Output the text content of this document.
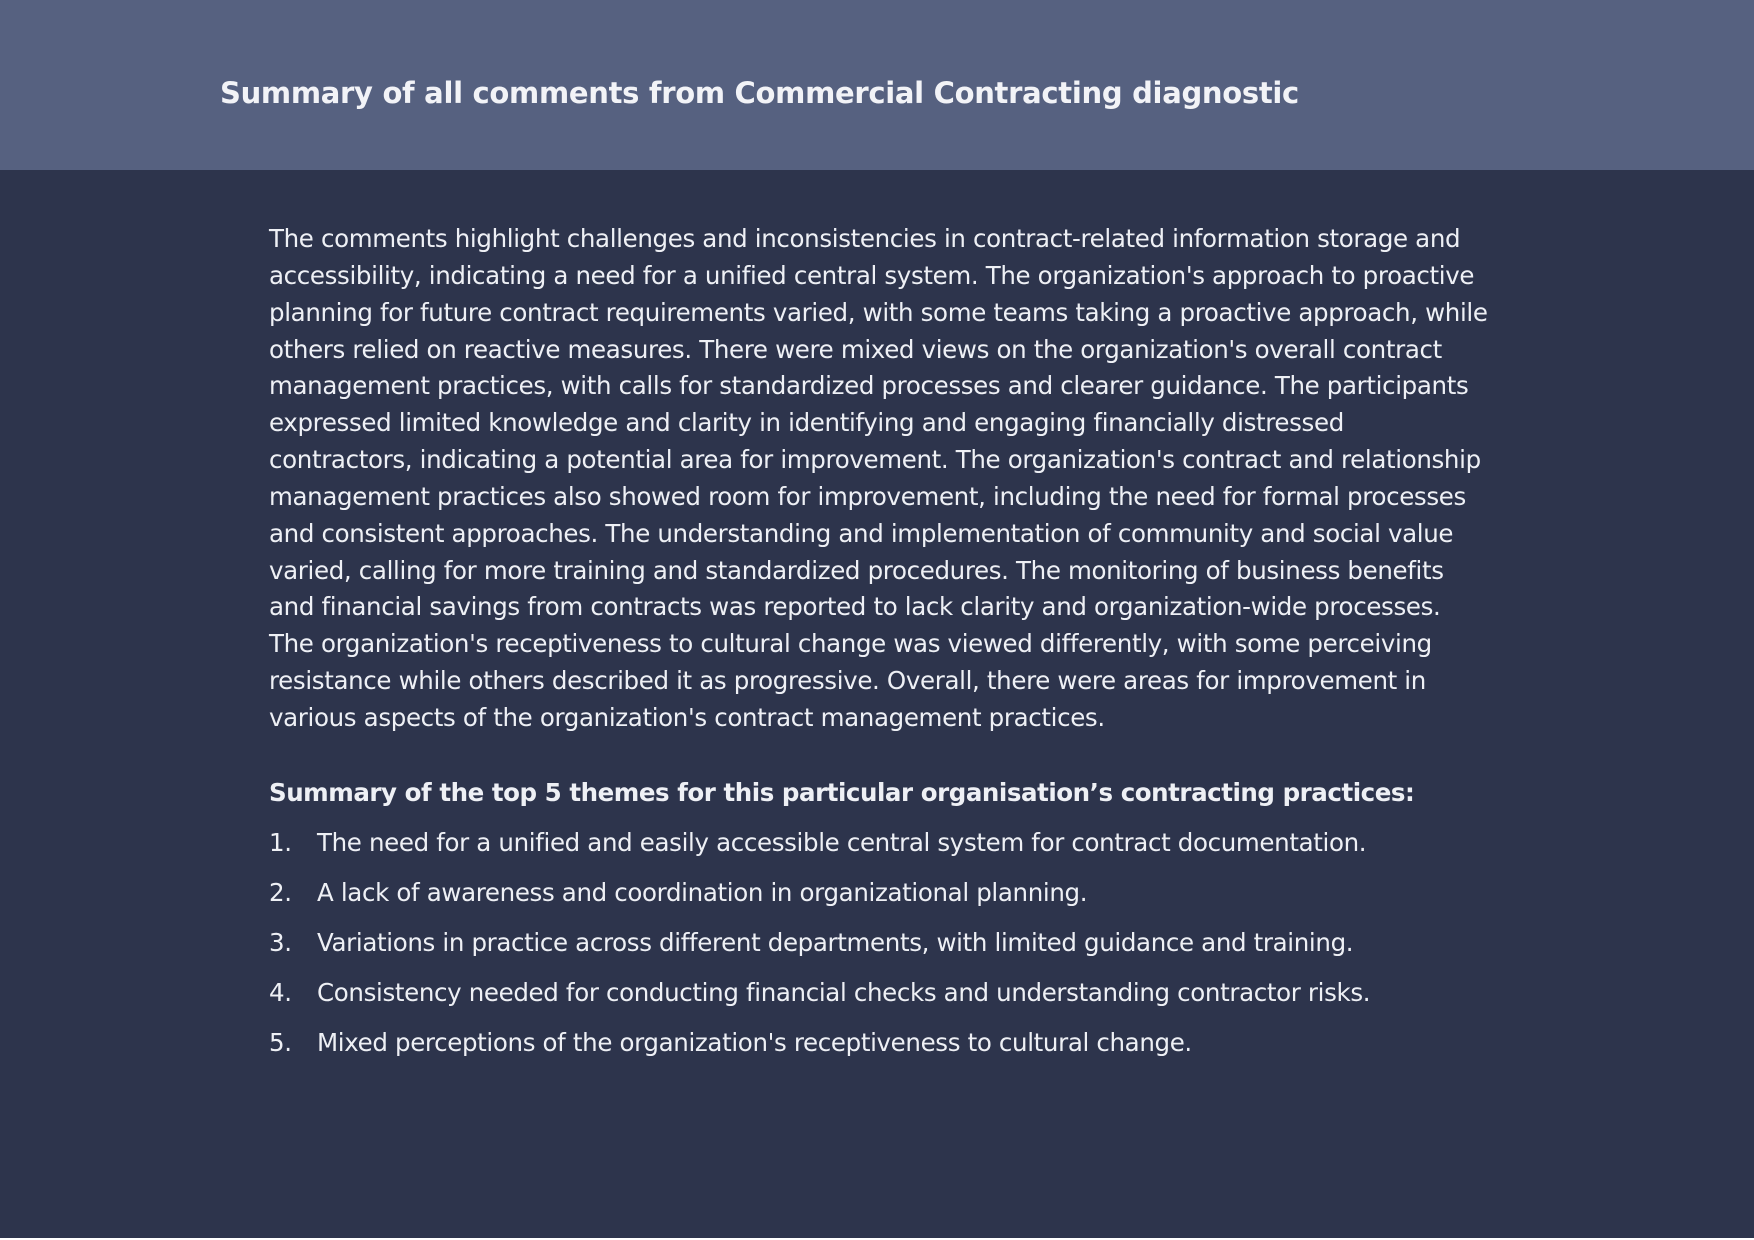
Summary of all comments from Commercial Contracting diagnostic

The comments highlight challenges and inconsistencies in contract-related information storage and accessibility, indicating a need for a unified central system. The organization's approach to proactive planning for future contract requirements varied, with some teams taking a proactive approach, while others relied on reactive measures. There were mixed views on the organization's overall contract management practices, with calls for standardized processes and clearer guidance. The participants expressed limited knowledge and clarity in identifying and engaging financially distressed contractors, indicating a potential area for improvement. The organization's contract and relationship management practices also showed room for improvement, including the need for formal processes and consistent approaches. The understanding and implementation of community and social value varied, calling for more training and standardized procedures. The monitoring of business benefits and financial savings from contracts was reported to lack clarity and organization-wide processes. The organization's receptiveness to cultural change was viewed differently, with some perceiving resistance while others described it as progressive. Overall, there were areas for improvement in various aspects of the organization's contract management practices.

Summary of the top 5 themes for this particular organisation’s contracting practices:
1. The need for a unified and easily accessible central system for contract documentation.
2. A lack of awareness and coordination in organizational planning.
3. Variations in practice across different departments, with limited guidance and training.
4. Consistency needed for conducting financial checks and understanding contractor risks.
5. Mixed perceptions of the organization's receptiveness to cultural change.
